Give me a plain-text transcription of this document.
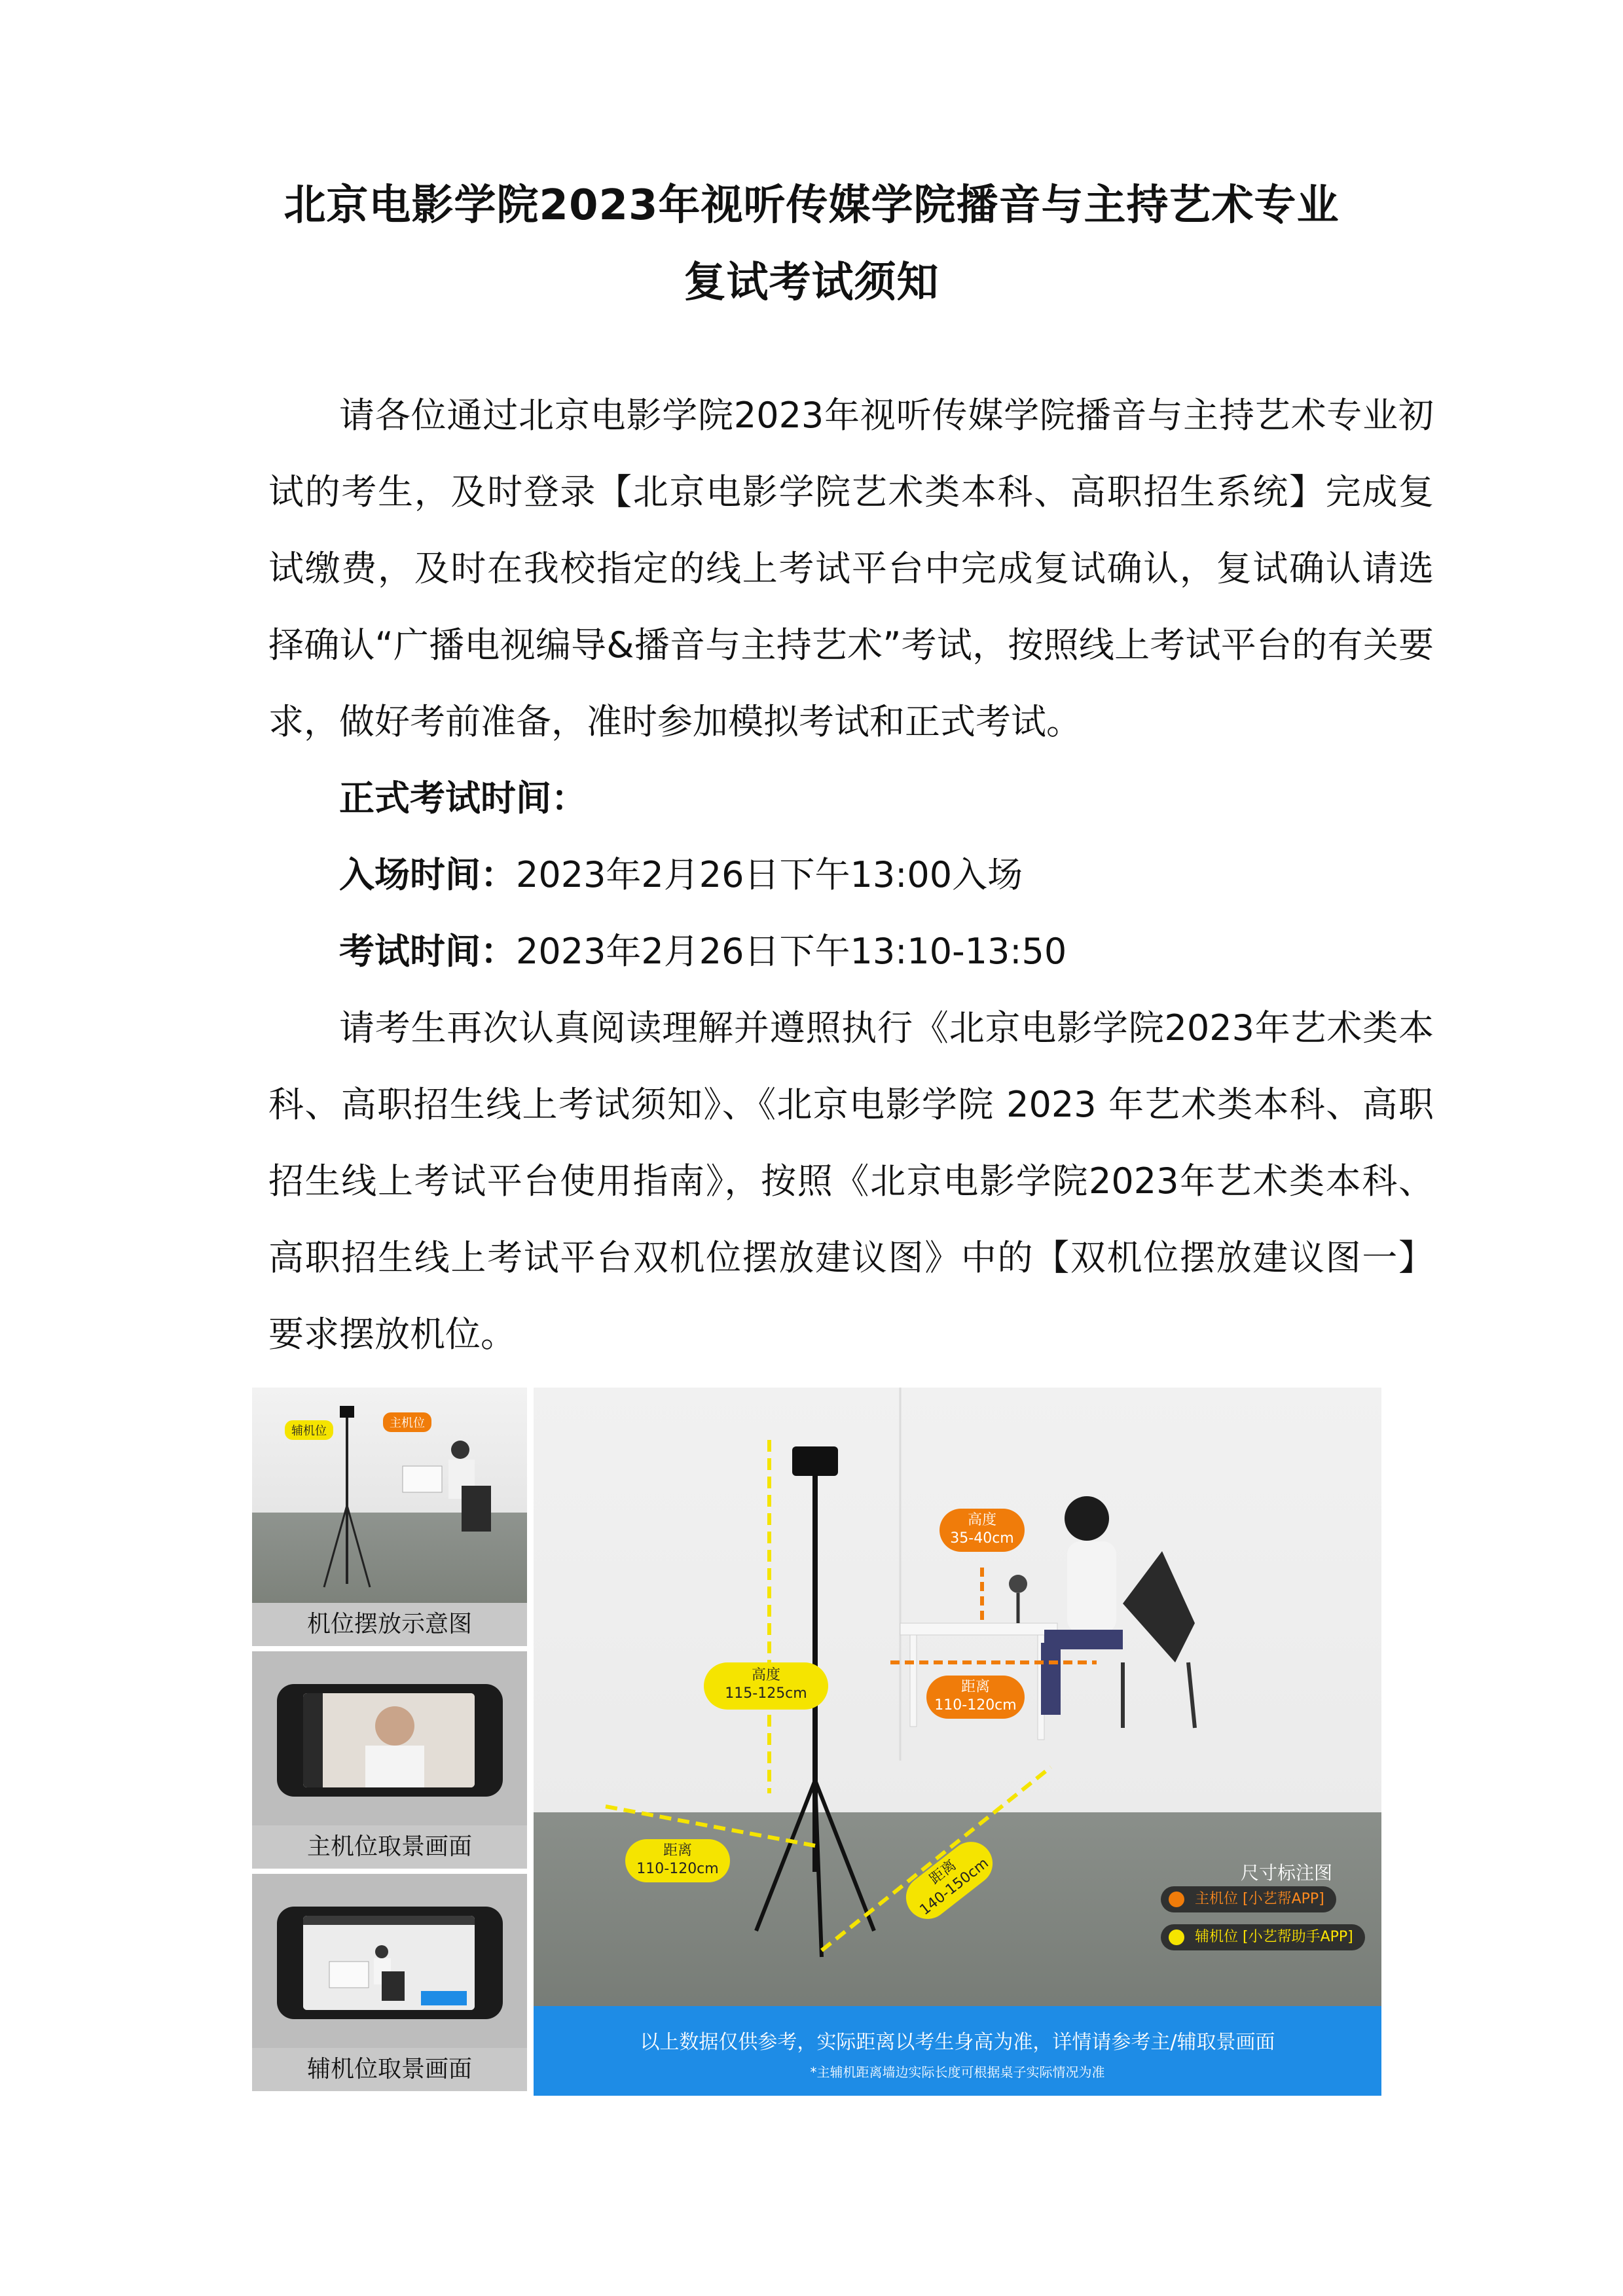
北京电影学院2023年视听传媒学院播音与主持艺术专业
复试考试须知

请各位通过北京电影学院2023年视听传媒学院播音与主持艺术专业初试的考生，及时登录【北京电影学院艺术类本科、高职招生系统】完成复试缴费，及时在我校指定的线上考试平台中完成复试确认，复试确认请选择确认“广播电视编导&播音与主持艺术”考试，按照线上考试平台的有关要求，做好考前准备，准时参加模拟考试和正式考试。

正式考试时间：

入场时间：2023年2月26日下午13:00入场

考试时间：2023年2月26日下午13:10-13:50

请考生再次认真阅读理解并遵照执行《北京电影学院2023年艺术类本科、高职招生线上考试须知》、《北京电影学院 2023 年艺术类本科、高职招生线上考试平台使用指南》，按照《北京电影学院2023年艺术类本科、高职招生线上考试平台双机位摆放建议图》中的【双机位摆放建议图一】要求摆放机位。

辅机位
主机位
机位摆放示意图
主机位取景画面
辅机位取景画面
高度
35-40cm
距离
110-120cm
高度
115-125cm
距离
110-120cm	距离
140-150cm	尺寸标注图
主机位 [小艺帮APP]
辅机位 [小艺帮助手APP]
以上数据仅供参考，实际距离以考生身高为准，详情请参考主/辅取景画面
*主辅机距离墙边实际长度可根据桌子实际情况为准
